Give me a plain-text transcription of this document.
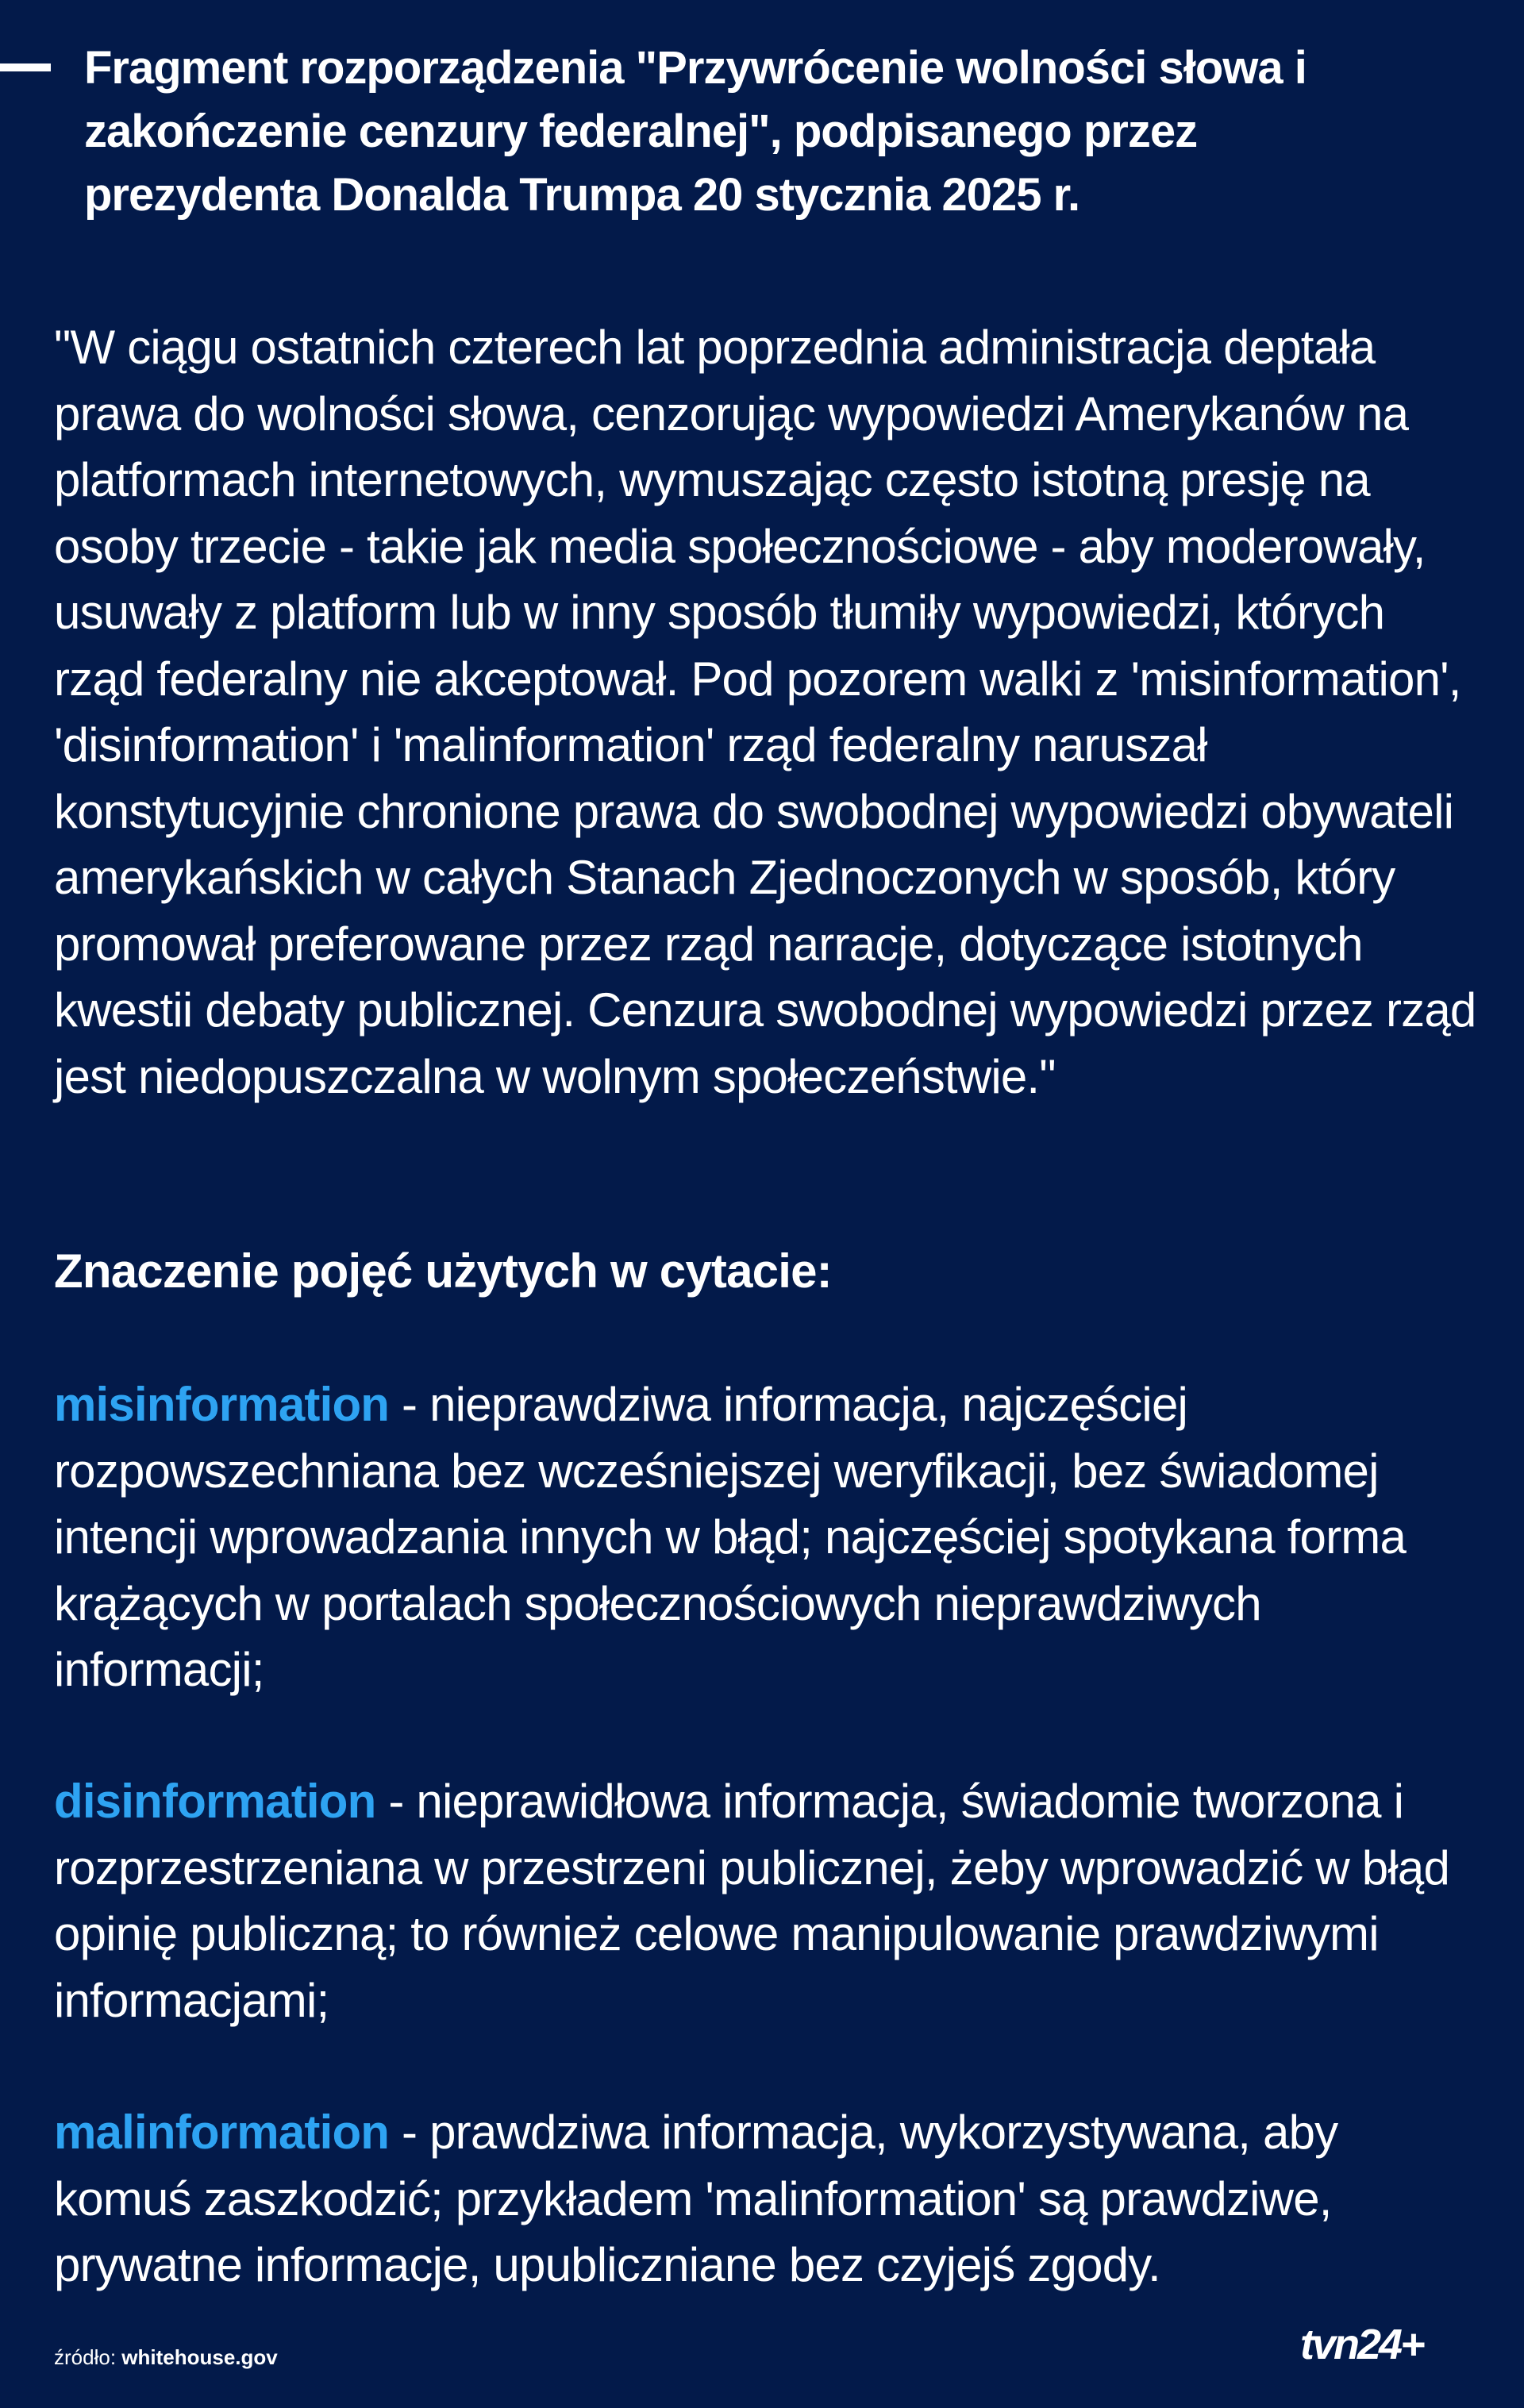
Fragment rozporządzenia "Przywrócenie wolności słowa i zakończenie cenzury federalnej", podpisanego przez prezydenta Donalda Trumpa 20 stycznia 2025 r.
"W ciągu ostatnich czterech lat poprzednia administracja deptała prawa do wolności słowa, cenzorując wypowiedzi Amerykanów na platformach internetowych, wymuszając często istotną presję na osoby trzecie - takie jak media społecznościowe - aby moderowały, usuwały z platform lub w inny sposób tłumiły wypowiedzi, których rząd federalny nie akceptował. Pod pozorem walki z 'misinformation', 'disinformation' i 'malinformation' rząd federalny naruszał konstytucyjnie chronione prawa do swobodnej wypowiedzi obywateli amerykańskich w całych Stanach Zjednoczonych w sposób, który promował preferowane przez rząd narracje, dotyczące istotnych kwestii debaty publicznej. Cenzura swobodnej wypowiedzi przez rząd jest niedopuszczalna w wolnym społeczeństwie."
Znaczenie pojęć użytych w cytacie:
misinformation - nieprawdziwa informacja, najczęściej rozpowszechniana bez wcześniejszej weryfikacji, bez świadomej intencji wprowadzania innych w błąd; najczęściej spotykana forma krążących w portalach społecznościowych nieprawdziwych informacji;
disinformation - nieprawidłowa informacja, świadomie tworzona i rozprzestrzeniana w przestrzeni publicznej, żeby wprowadzić w błąd opinię publiczną; to również celowe manipulowanie prawdziwymi informacjami;
malinformation - prawdziwa informacja, wykorzystywana, aby komuś zaszkodzić; przykładem 'malinformation' są prawdziwe, prywatne informacje, upubliczniane bez czyjejś zgody.
źródło: whitehouse.gov	tvn24+
